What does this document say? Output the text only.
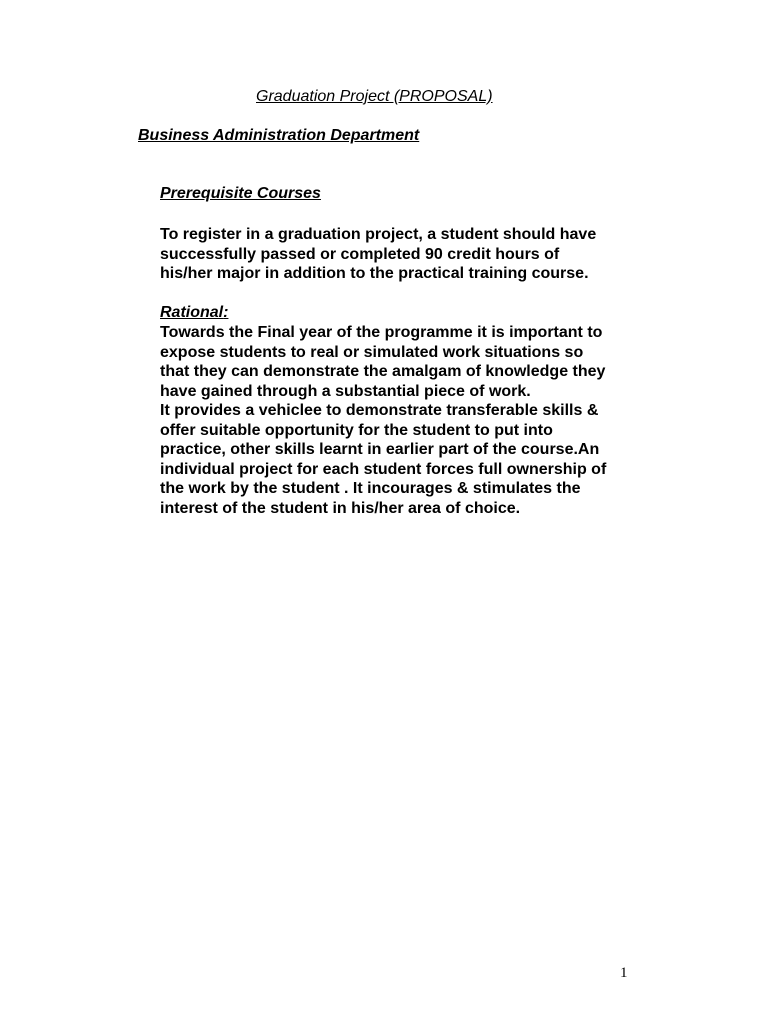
Graduation Project (PROPOSAL)
Business Administration Department
Prerequisite Courses
To register in a graduation project, a student should have
successfully passed or completed 90 credit hours of
his/her major in addition to the practical training course.
Rational:
Towards the Final year of the programme it is important to
expose students to real or simulated work situations so
that they can demonstrate the amalgam of knowledge they
have gained through a substantial piece of work.
It provides a vehiclee to demonstrate transferable skills &
offer suitable opportunity for the student to put into
practice, other skills learnt in earlier part of the course.An
individual project for each student forces full ownership of
the work by the student . It incourages & stimulates the
interest of the student in his/her area of choice.
1
